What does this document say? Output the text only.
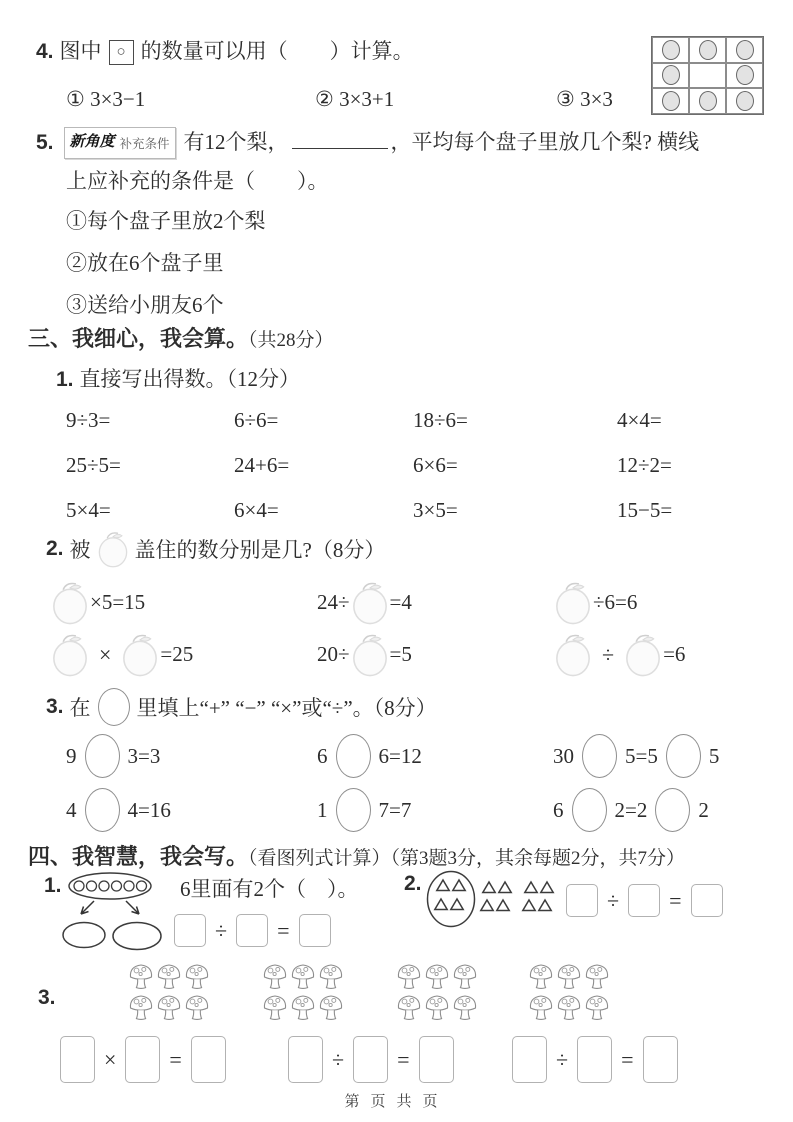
4. 图中 ○ 的数量可以用（　　）计算。
① 3×3−1	② 3×3+1	③ 3×3
5.	新角度 补充条件 有12个梨，	，平均每个盘子里放几个梨? 横线
上应补充的条件是（　　）。
①每个盘子里放2个梨
②放在6个盘子里
③送给小朋友6个
三、我细心，我会算。（共28分）
1. 直接写出得数。（12分）
9÷3=	6÷6=	18÷6=	4×4=
25÷5=	24+6=	6×6=	12÷2=
5×4=	6×4=	3×5=	15−5=
2. 被 盖住的数分别是几?（8分）
×5=15	24÷ =4	÷6=6
× =25	20÷ =5	÷ =6
3. 在 里填上“+” “−” “×”或“÷”。（8分）
9 3=3	6 6=12	30 5=5 5
4 4=16	1 7=7	6 2=2 2
四、我智慧，我会写。（看图列式计算）（第3题3分，其余每题2分，共7分）
1.	6里面有2个（　）。
÷ =
2.
÷ =
3.
× =	÷ =	÷ =
第页共页
